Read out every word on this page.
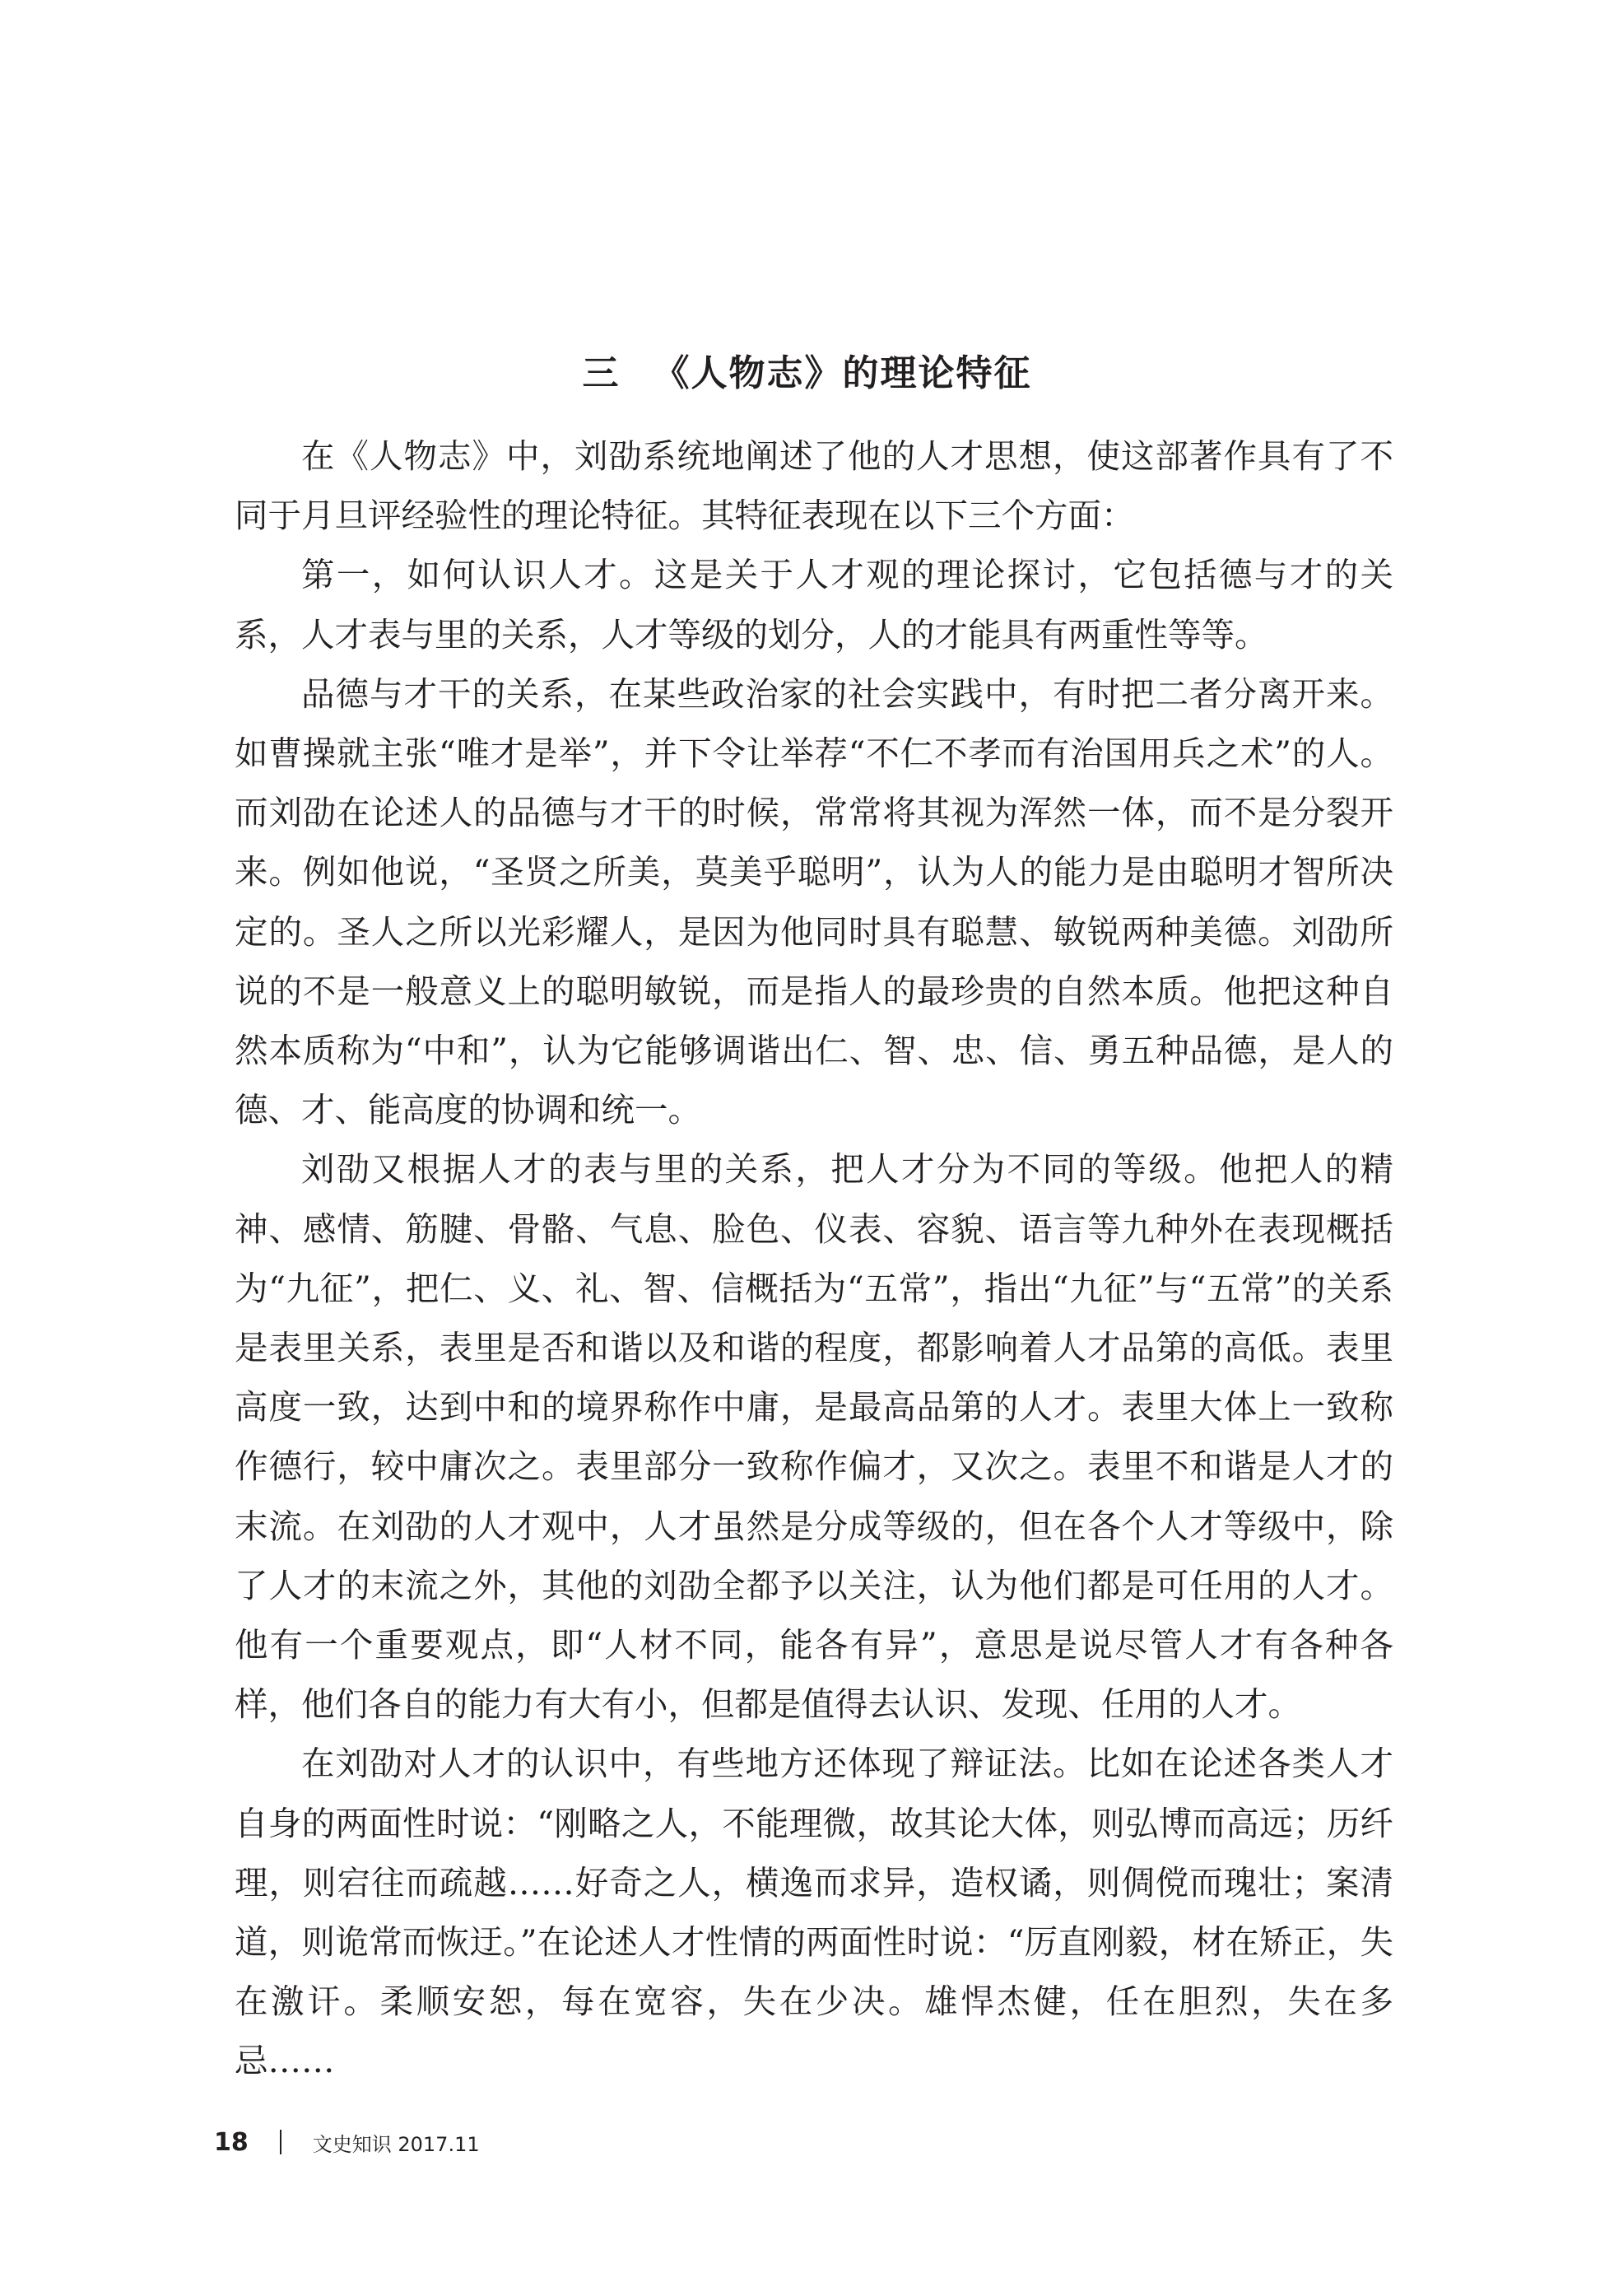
三 《人物志》的理论特征

在《人物志》中，刘劭系统地阐述了他的人才思想，使这部著作具有了不同于月旦评经验性的理论特征。其特征表现在以下三个方面：

第一，如何认识人才。这是关于人才观的理论探讨，它包括德与才的关系，人才表与里的关系，人才等级的划分，人的才能具有两重性等等。

品德与才干的关系，在某些政治家的社会实践中，有时把二者分离开来。如曹操就主张“唯才是举”，并下令让举荐“不仁不孝而有治国用兵之术”的人。而刘劭在论述人的品德与才干的时候，常常将其视为浑然一体，而不是分裂开来。例如他说，“圣贤之所美，莫美乎聪明”，认为人的能力是由聪明才智所决定的。圣人之所以光彩耀人，是因为他同时具有聪慧、敏锐两种美德。刘劭所说的不是一般意义上的聪明敏锐，而是指人的最珍贵的自然本质。他把这种自然本质称为“中和”，认为它能够调谐出仁、智、忠、信、勇五种品德，是人的德、才、能高度的协调和统一。

刘劭又根据人才的表与里的关系，把人才分为不同的等级。他把人的精神、感情、筋腱、骨骼、气息、脸色、仪表、容貌、语言等九种外在表现概括为“九征”，把仁、义、礼、智、信概括为“五常”，指出“九征”与“五常”的关系是表里关系，表里是否和谐以及和谐的程度，都影响着人才品第的高低。表里高度一致，达到中和的境界称作中庸，是最高品第的人才。表里大体上一致称作德行，较中庸次之。表里部分一致称作偏才，又次之。表里不和谐是人才的末流。在刘劭的人才观中，人才虽然是分成等级的，但在各个人才等级中，除了人才的末流之外，其他的刘劭全都予以关注，认为他们都是可任用的人才。他有一个重要观点，即“人材不同，能各有异”，意思是说尽管人才有各种各样，他们各自的能力有大有小，但都是值得去认识、发现、任用的人才。

在刘劭对人才的认识中，有些地方还体现了辩证法。比如在论述各类人才自身的两面性时说：“刚略之人，不能理微，故其论大体，则弘博而高远；历纤理，则宕往而疏越……好奇之人，横逸而求异，造权谲，则倜傥而瑰壮；案清道，则诡常而恢迂。”在论述人才性情的两面性时说：“厉直刚毅，材在矫正，失在激讦。柔顺安恕，每在宽容，失在少决。雄悍杰健，任在胆烈，失在多忌……

18	文史知识 2017.11
